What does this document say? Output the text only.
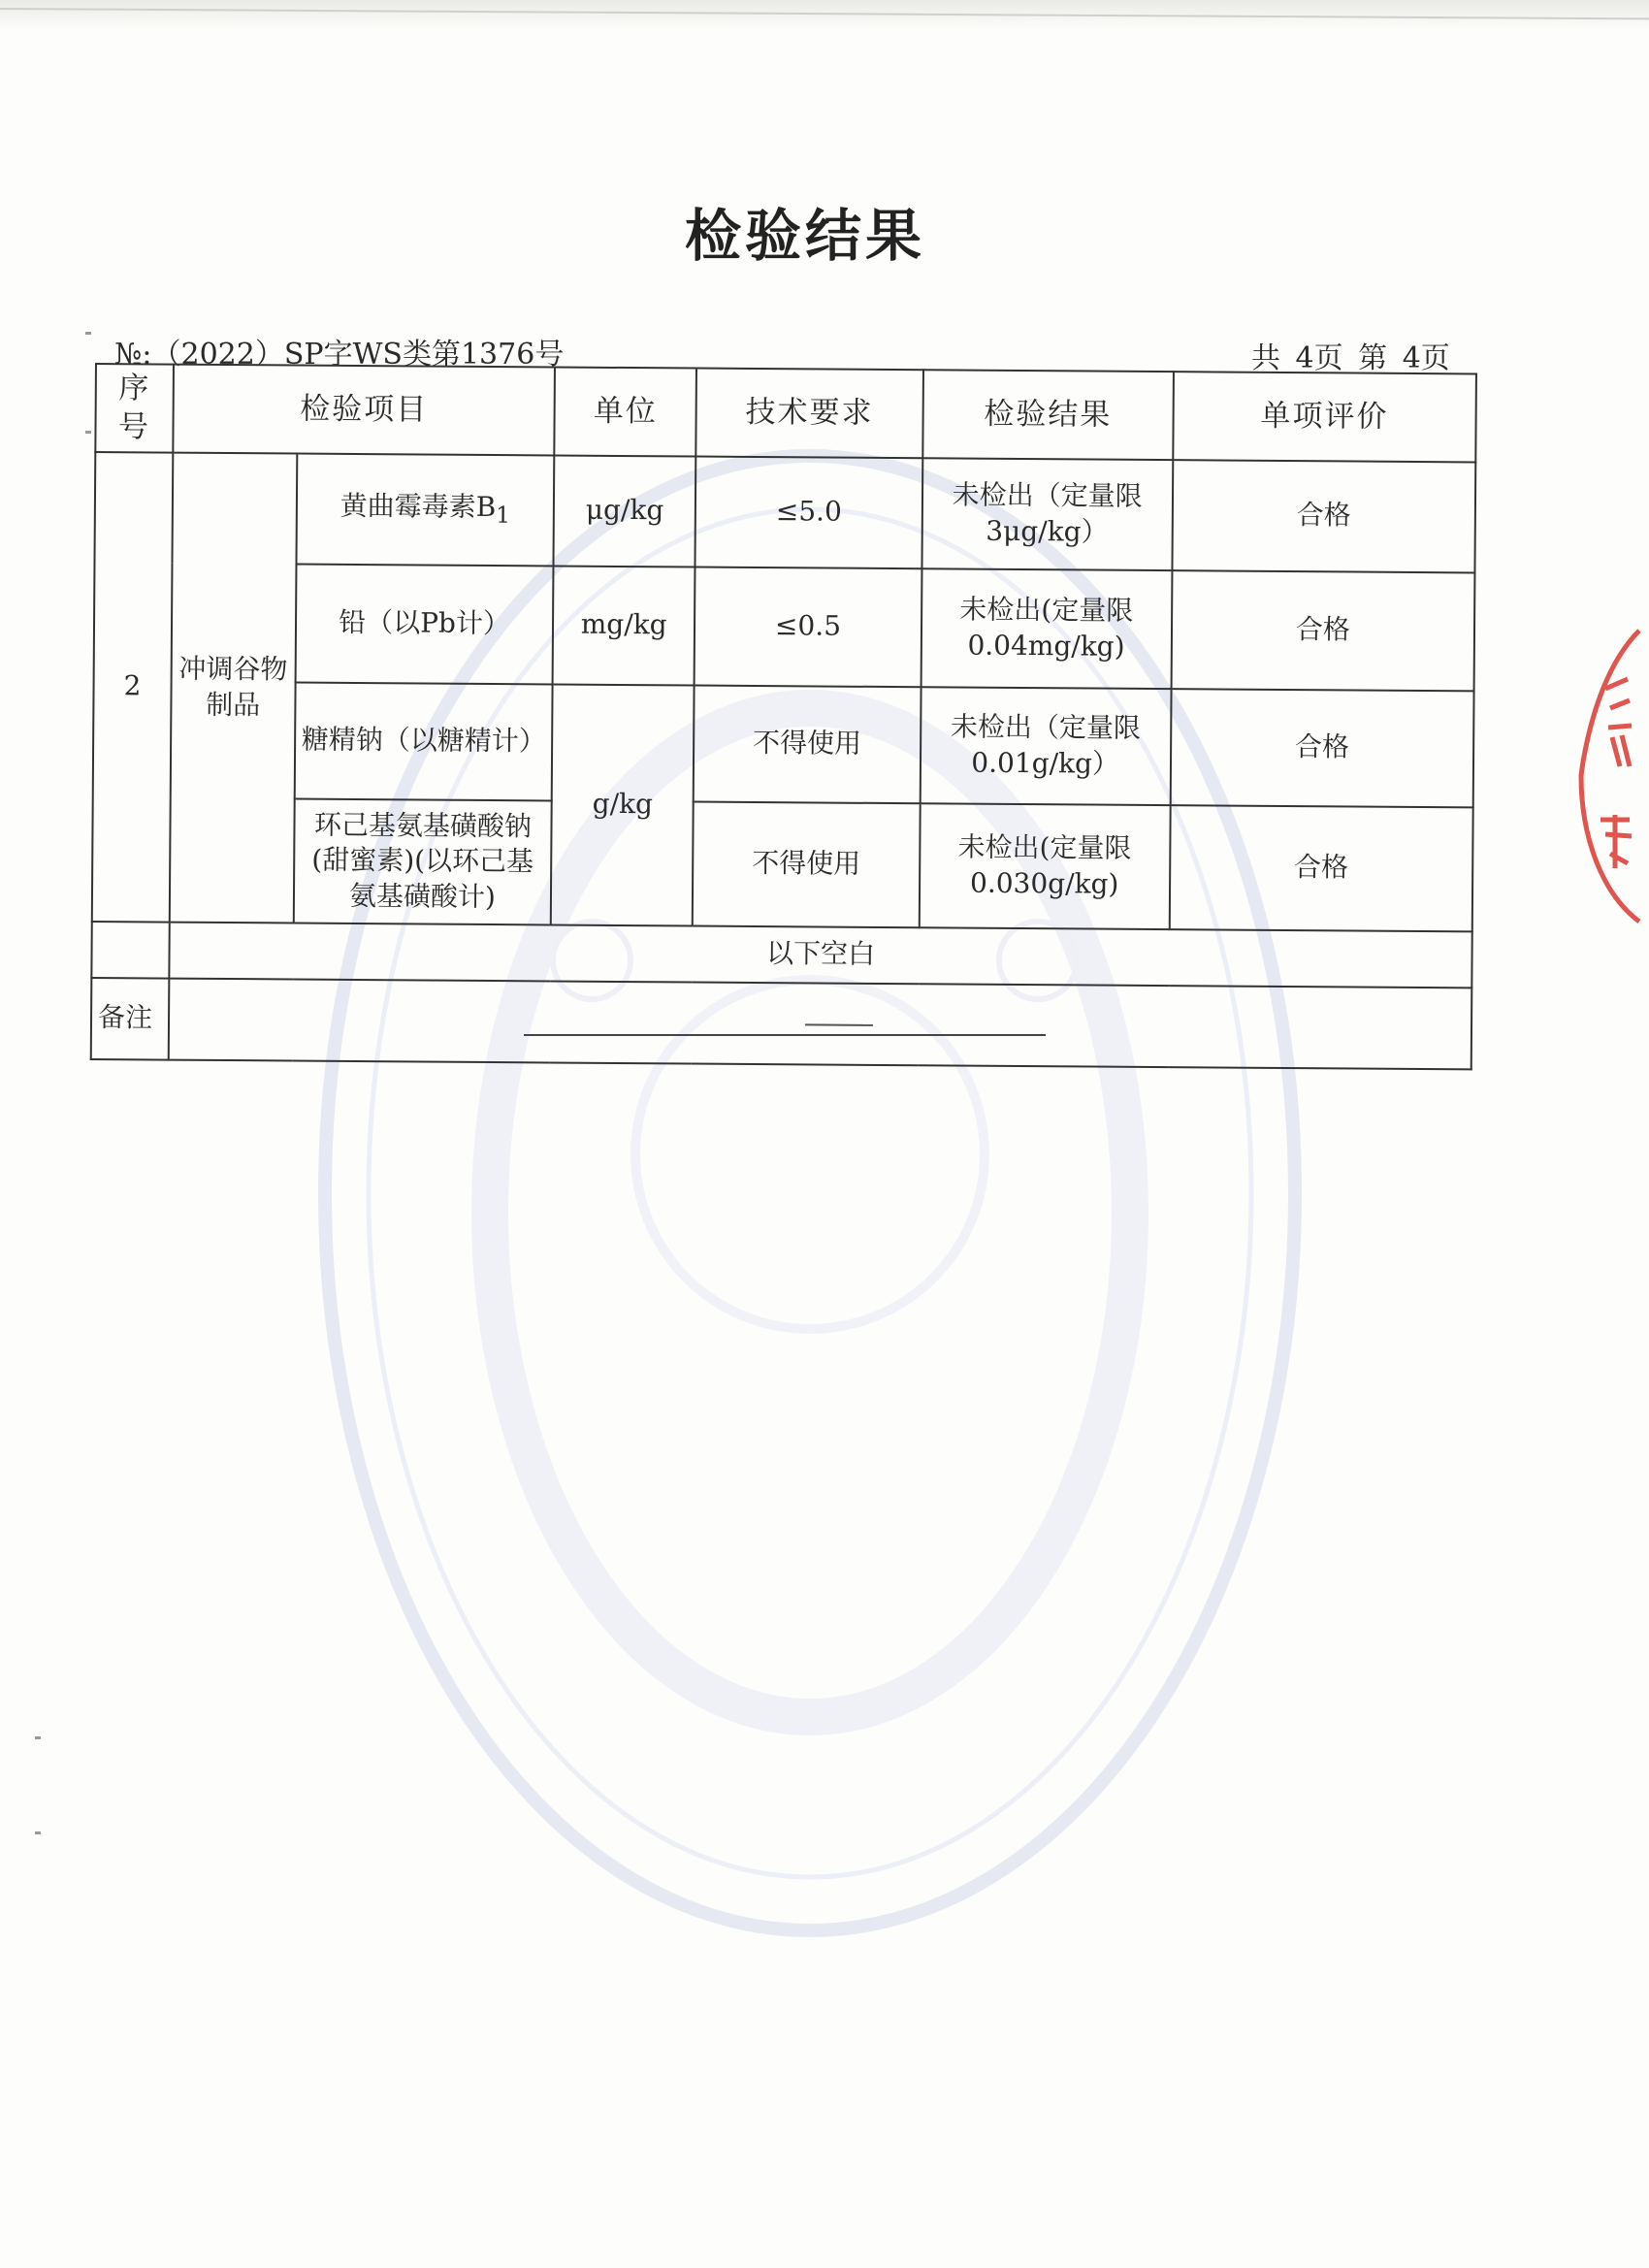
检验结果
№:（2022）SP字WS类第1376号	共 4页 第 4页
序号	检验项目		单位	技术要求	检验结果	单项评价
2	冲调谷物制品	黄曲霉毒素$B_1$	μg/kg	≤5.0	未检出（定量限3μg/kg）	合格
		铅（以Pb计）	mg/kg	≤0.5	未检出(定量限0.04mg/kg)	合格
		糖精钠（以糖精计）	g/kg	不得使用	未检出（定量限0.01g/kg）	合格
		环己基氨基磺酸钠(甜蜜素)(以环己基氨基磺酸计)		不得使用	未检出(定量限0.030g/kg)	合格
	以下空白					
备注						
